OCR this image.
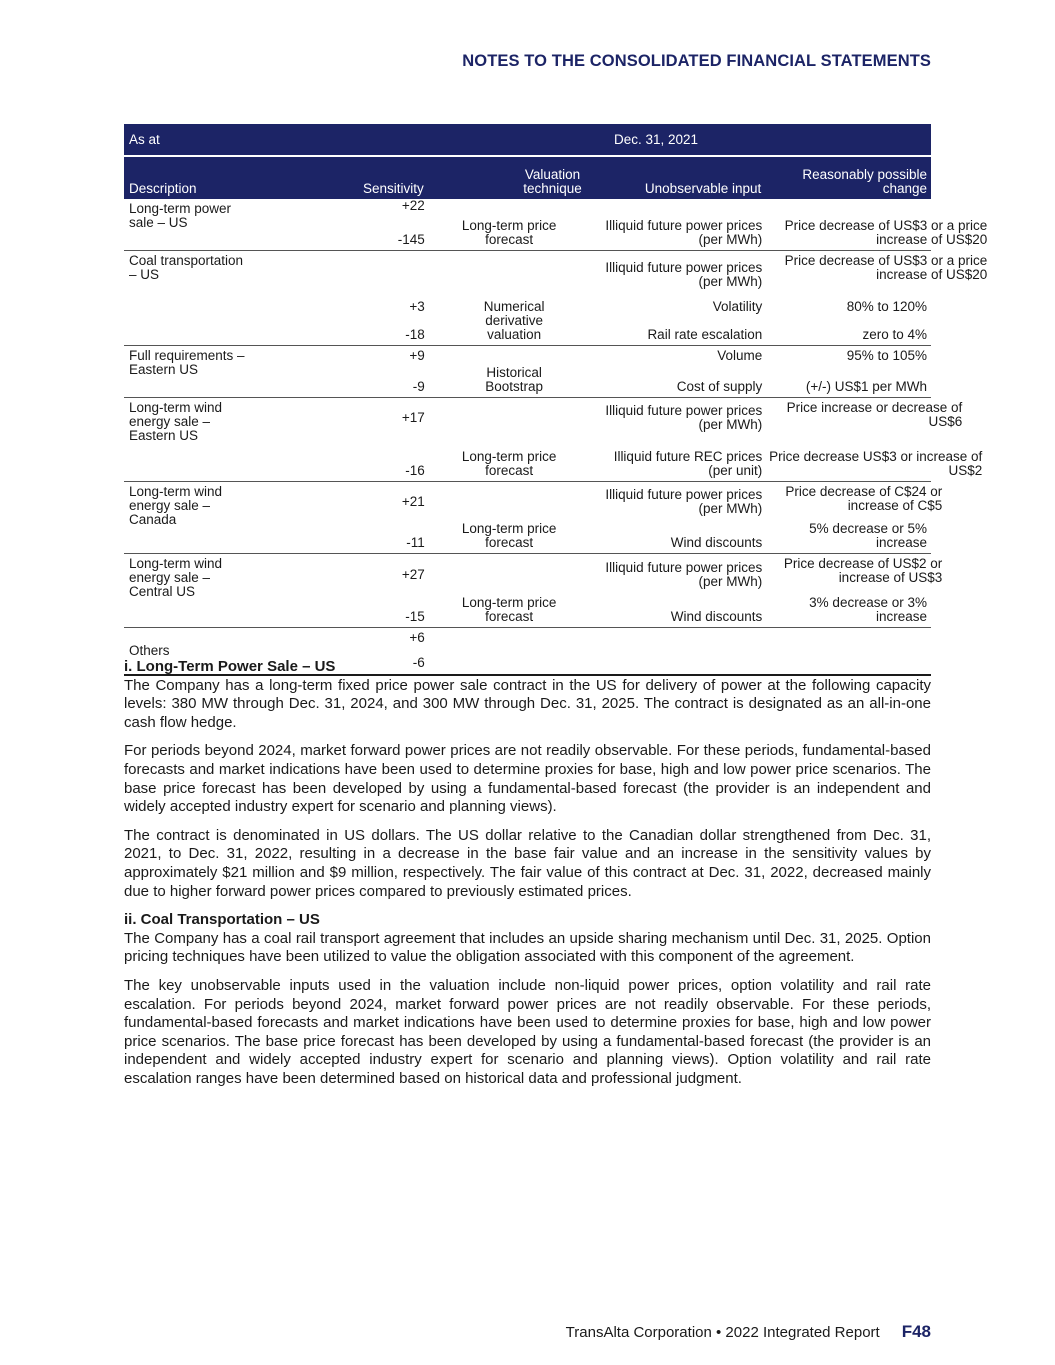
NOTES TO THE CONSOLIDATED FINANCIAL STATEMENTS
As at	Dec. 31, 2021			
Description	Sensitivity	Valuation technique	Unobservable input	Reasonably possible change

Long-term power sale – US	+22			
	-145	Long-term price forecast	Illiquid future power prices (per MWh)	Price decrease of US$3 or a price increase of US$20

Coal transportation – US			Illiquid future power prices (per MWh)	Price decrease of US$3 or a price increase of US$20
	+3	Numerical derivative valuation	Volatility	80% to 120%
	-18		Rail rate escalation	zero to 4%

Full requirements – Eastern US	+9	Historical Bootstrap	Volume	95% to 105%
	-9		Cost of supply	(+/-) US$1 per MWh

Long-term wind energy sale – Eastern US	+17		Illiquid future power prices (per MWh)	Price increase or decrease of US$6
	-16	Long-term price forecast	Illiquid future REC prices (per unit)	Price decrease US$3 or increase of US$2

Long-term wind energy sale – Canada	+21		Illiquid future power prices (per MWh)	Price decrease of C$24 or increase of C$5
	-11	Long-term price forecast	Wind discounts	5% decrease or 5% increase

Long-term wind energy sale – Central US	+27		Illiquid future power prices (per MWh)	Price decrease of US$2 or increase of US$3
	-15	Long-term price forecast	Wind discounts	3% decrease or 3% increase
Others	+6			
	-6			
i. Long-Term Power Sale – US

The Company has a long-term fixed price power sale contract in the US for delivery of power at the following capacity levels: 380 MW through Dec. 31, 2024, and 300 MW through Dec. 31, 2025. The contract is designated as an all-in-one cash flow hedge.

For periods beyond 2024, market forward power prices are not readily observable. For these periods, fundamental-based forecasts and market indications have been used to determine proxies for base, high and low power price scenarios. The base price forecast has been developed by using a fundamental-based forecast (the provider is an independent and widely accepted industry expert for scenario and planning views).

The contract is denominated in US dollars. The US dollar relative to the Canadian dollar strengthened from Dec. 31, 2021, to Dec. 31, 2022, resulting in a decrease in the base fair value and an increase in the sensitivity values by approximately $21 million and $9 million, respectively. The fair value of this contract at Dec. 31, 2022, decreased mainly due to higher forward power prices compared to previously estimated prices.

ii. Coal Transportation – US

The Company has a coal rail transport agreement that includes an upside sharing mechanism until Dec. 31, 2025. Option pricing techniques have been utilized to value the obligation associated with this component of the agreement.

The key unobservable inputs used in the valuation include non-liquid power prices, option volatility and rail rate escalation. For periods beyond 2024, market forward power prices are not readily observable. For these periods, fundamental-based forecasts and market indications have been used to determine proxies for base, high and low power price scenarios. The base price forecast has been developed by using a fundamental-based forecast (the provider is an independent and widely accepted industry expert for scenario and planning views). Option volatility and rail rate escalation ranges have been determined based on historical data and professional judgment.

TransAlta Corporation • 2022 Integrated Report F48
